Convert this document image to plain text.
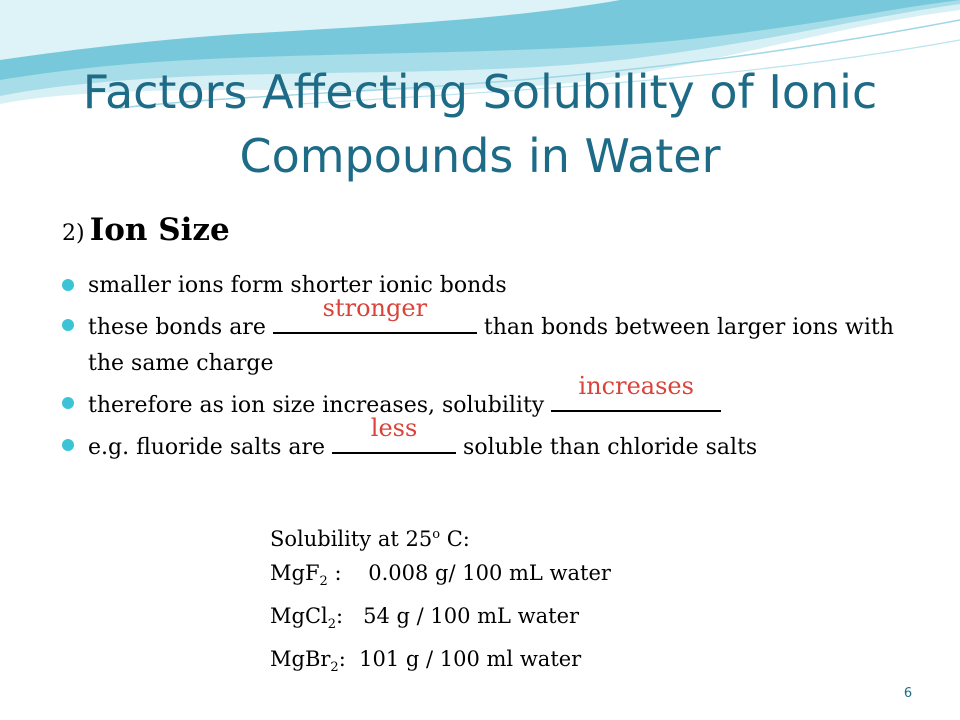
Factors Affecting Solubility of Ionic Compounds in Water
2) Ion Size
smaller ions form shorter ionic bonds
these bonds are
stronger
than bonds between larger ions with the same charge
therefore as ion size increases, solubility
increases
e.g. fluoride salts are
less
soluble than chloride salts
Solubility at 25$^o$ C:
MgF$_2$ :    0.008 g/ 100 mL water
MgCl$_2$:   54 g / 100 mL water
MgBr$_2$:  101 g / 100 ml water
6
